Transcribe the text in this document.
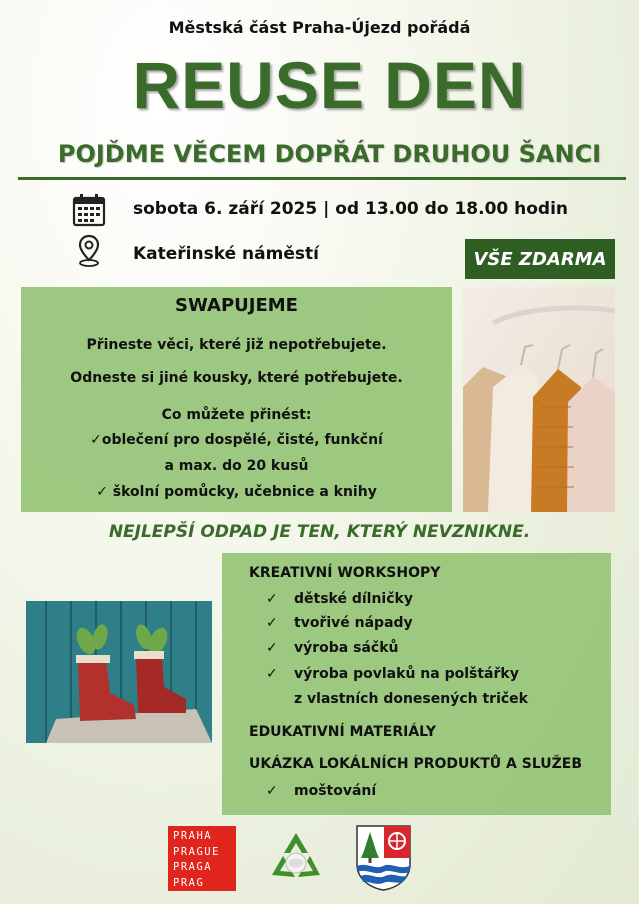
Městská část Praha-Újezd pořádá
REUSE DEN
POJĎME VĚCEM DOPŘÁT DRUHOU ŠANCI
sobota 6. září 2025 | od 13.00 do 18.00 hodin
Kateřinské náměstí	VŠE ZDARMA
SWAPUJEME
Přineste věci, které již nepotřebujete.
Odneste si jiné kousky, které potřebujete.
Co můžete přinést:
✓oblečení pro dospělé, čisté, funkční
a max. do 20 kusů
✓ školní pomůcky, učebnice a knihy
NEJLEPŠÍ ODPAD JE TEN, KTERÝ NEVZNIKNE.
KREATIVNÍ WORKSHOPY
✓ dětské dílničky
✓ tvořivé nápady
✓ výroba sáčků
✓ výroba povlaků na polštářky
z vlastních donesených triček
EDUKATIVNÍ MATERIÁLY
UKÁZKA LOKÁLNÍCH PRODUKTŮ A SLUŽEB
✓ moštování
PRAHA
PRAGUE
PRAGA
PRAG
